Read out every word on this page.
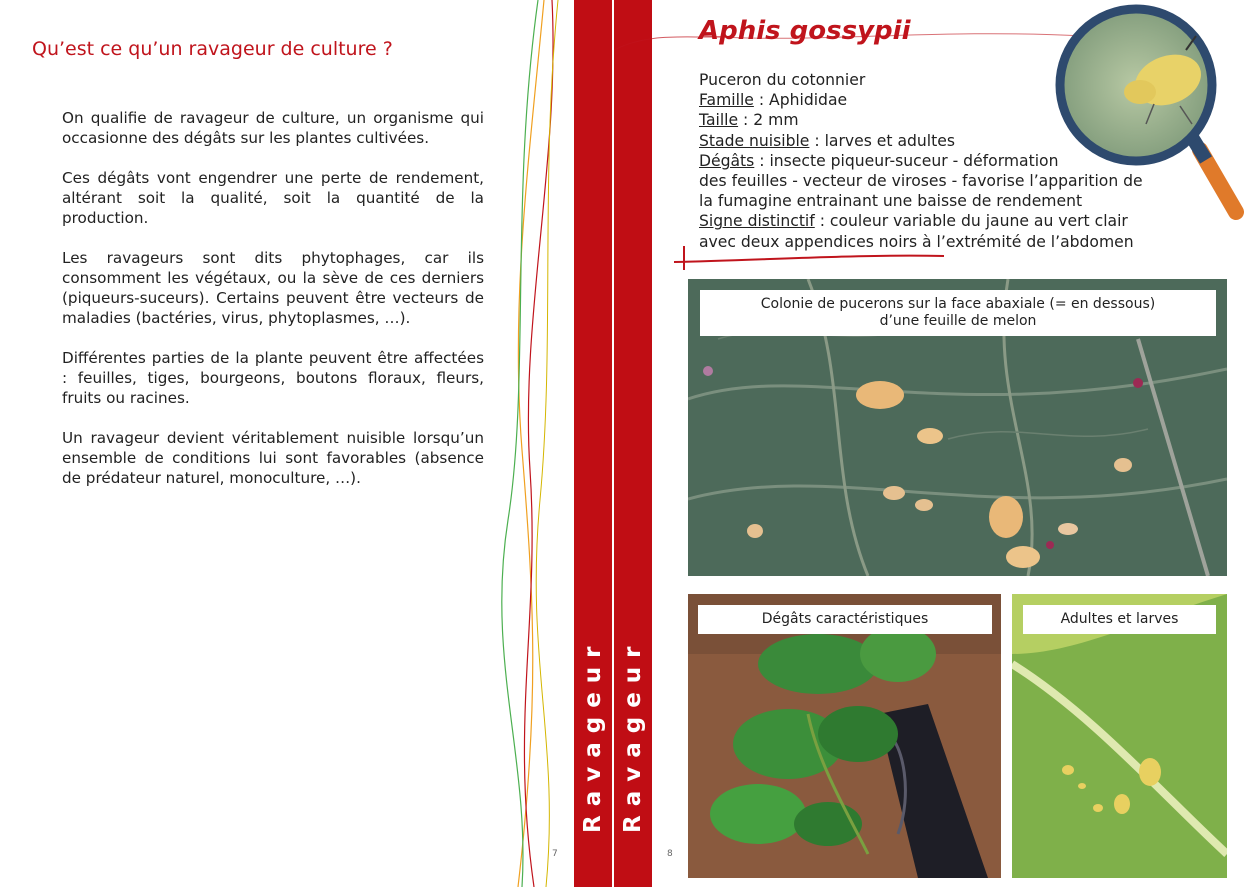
Qu’est ce qu’un ravageur de culture ?

On qualifie de ravageur de culture, un organisme qui occasionne des dégâts sur les plantes cultivées.

Ces dégâts vont engendrer une perte de rendement, altérant soit la qualité, soit la quantité de la production.

Les ravageurs sont dits phytophages, car ils consomment les végétaux, ou la sève de ces derniers (piqueurs-suceurs). Certains peuvent être vecteurs de maladies (bactéries, virus, phytoplasmes, …).

Différentes parties de la plante peuvent être affectées : feuilles, tiges, bourgeons, boutons floraux, fleurs, fruits ou racines.

Un ravageur devient véritablement nuisible lorsqu’un ensemble de conditions lui sont favorables (absence de prédateur naturel, monoculture, …).

7
Ravageur Ravageur
Aphis gossypii
Puceron du cotonnier
Famille : Aphididae
Taille : 2 mm
Stade nuisible : larves et adultes
Dégâts : insecte piqueur-suceur - déformation
des feuilles - vecteur de viroses - favorise l’apparition de
la fumagine entrainant une baisse de rendement
Signe distinctif : couleur variable du jaune au vert clair
avec deux appendices noirs à l’extrémité de l’abdomen
Colonie de pucerons sur la face abaxiale (= en dessous)
d’une feuille de melon
Dégâts caractéristiques	Adultes et larves
8
